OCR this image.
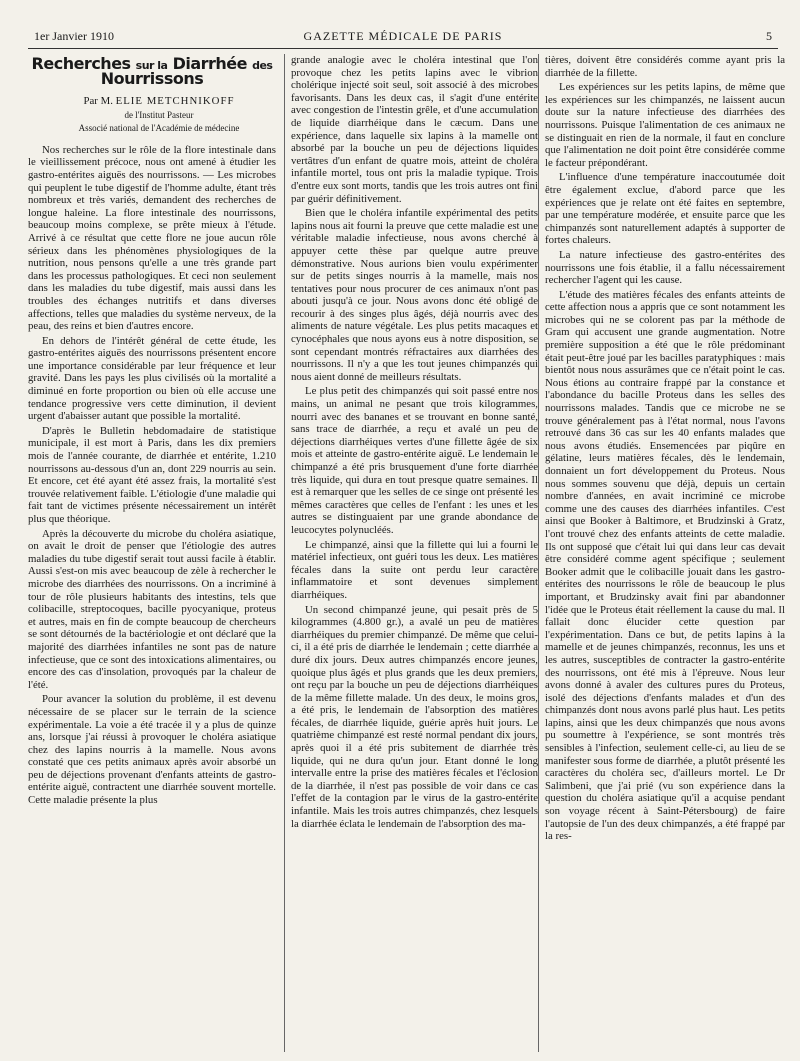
1er Janvier 1910	GAZETTE MÉDICALE DE PARIS	5
Recherches sur la Diarrhée des Nourrissons

Par M. ELIE METCHNIKOFF

de l'Institut Pasteur

Associé national de l'Académie de médecine

Nos recherches sur le rôle de la flore intestinale dans le vieillissement précoce, nous ont amené à étudier les gastro-entérites aiguës des nourrissons. — Les microbes qui peuplent le tube digestif de l'homme adulte, étant très nombreux et très variés, demandent des recherches de longue haleine. La flore intestinale des nourrissons, beaucoup moins complexe, se prête mieux à l'étude. Arrivé à ce résultat que cette flore ne joue aucun rôle sérieux dans les phénomènes physiologiques de la nutrition, nous pensons qu'elle a une très grande part dans les processus pathologiques. Et ceci non seulement dans les maladies du tube digestif, mais aussi dans les troubles des échanges nutritifs et dans diverses affections, telles que maladies du système nerveux, de la peau, des reins et bien d'autres encore.

En dehors de l'intérêt général de cette étude, les gastro-entérites aiguës des nourrissons présentent encore une importance considérable par leur fréquence et leur gravité. Dans les pays les plus civilisés où la mortalité a diminué en forte proportion ou bien où elle accuse une tendance progressive vers cette diminution, il devient urgent d'abaisser autant que possible la mortalité.

D'après le Bulletin hebdomadaire de statistique municipale, il est mort à Paris, dans les dix premiers mois de l'année courante, de diarrhée et entérite, 1.210 nourrissons au-dessous d'un an, dont 229 nourris au sein. Et encore, cet été ayant été assez frais, la mortalité s'est trouvée relativement faible. L'étiologie d'une maladie qui fait tant de victimes présente nécessairement un intérêt plus que théorique.

Après la découverte du microbe du choléra asiatique, on avait le droit de penser que l'étiologie des autres maladies du tube digestif serait tout aussi facile à établir. Aussi s'est-on mis avec beaucoup de zèle à rechercher le microbe des diarrhées des nourrissons. On a incriminé à tour de rôle plusieurs habitants des intestins, tels que colibacille, streptocoques, bacille pyocyanique, proteus et autres, mais en fin de compte beaucoup de chercheurs se sont détournés de la bactériologie et ont déclaré que la majorité des diarrhées infantiles ne sont pas de nature infectieuse, que ce sont des intoxications alimentaires, ou encore des cas d'insolation, provoqués par la chaleur de l'été.

Pour avancer la solution du problème, il est devenu nécessaire de se placer sur le terrain de la science expérimentale. La voie a été tracée il y a plus de quinze ans, lorsque j'ai réussi à provoquer le choléra asiatique chez des lapins nourris à la mamelle. Nous avons constaté que ces petits animaux après avoir absorbé un peu de déjections provenant d'enfants atteints de gastro-entérite aiguë, contractent une diarrhée souvent mortelle. Cette maladie présente la plus

grande analogie avec le choléra intestinal que l'on provoque chez les petits lapins avec le vibrion cholérique injecté soit seul, soit associé à des microbes favorisants. Dans les deux cas, il s'agit d'une entérite avec congestion de l'intestin grêle, et d'une accumulation de liquide diarrhéique dans le cæcum. Dans une expérience, dans laquelle six lapins à la mamelle ont absorbé par la bouche un peu de déjections liquides vertâtres d'un enfant de quatre mois, atteint de choléra infantile mortel, tous ont pris la maladie typique. Trois d'entre eux sont morts, tandis que les trois autres ont fini par guérir définitivement.

Bien que le choléra infantile expérimental des petits lapins nous ait fourni la preuve que cette maladie est une véritable maladie infectieuse, nous avons cherché à appuyer cette thèse par quelque autre preuve démonstrative. Nous aurions bien voulu expérimenter sur de petits singes nourris à la mamelle, mais nos tentatives pour nous procurer de ces animaux n'ont pas abouti jusqu'à ce jour. Nous avons donc été obligé de recourir à des singes plus âgés, déjà nourris avec des aliments de nature végétale. Les plus petits macaques et cynocéphales que nous ayons eus à notre disposition, se sont cependant montrés réfractaires aux diarrhées des nourrissons. Il n'y a que les tout jeunes chimpanzés qui nous aient donné de meilleurs résultats.

Le plus petit des chimpanzés qui soit passé entre nos mains, un animal ne pesant que trois kilogrammes, nourri avec des bananes et se trouvant en bonne santé, sans trace de diarrhée, a reçu et avalé un peu de déjections diarrhéiques vertes d'une fillette âgée de six mois et atteinte de gastro-entérite aiguë. Le lendemain le chimpanzé a été pris brusquement d'une forte diarrhée très liquide, qui dura en tout presque quatre semaines. Il est à remarquer que les selles de ce singe ont présenté les mêmes caractères que celles de l'enfant : les unes et les autres se distinguaient par une grande abondance de leucocytes polynucléés.

Le chimpanzé, ainsi que la fillette qui lui a fourni le matériel infectieux, ont guéri tous les deux. Les matières fécales dans la suite ont perdu leur caractère inflammatoire et sont devenues simplement diarrhéiques.

Un second chimpanzé jeune, qui pesait près de 5 kilogrammes (4.800 gr.), a avalé un peu de matières diarrhéiques du premier chimpanzé. De même que celui-ci, il a été pris de diarrhée le lendemain ; cette diarrhée a duré dix jours. Deux autres chimpanzés encore jeunes, quoique plus âgés et plus grands que les deux premiers, ont reçu par la bouche un peu de déjections diarrhéiques de la même fillette malade. Un des deux, le moins gros, a été pris, le lendemain de l'absorption des matières fécales, de diarrhée liquide, guérie après huit jours. Le quatrième chimpanzé est resté normal pendant dix jours, après quoi il a été pris subitement de diarrhée très liquide, qui ne dura qu'un jour. Etant donné le long intervalle entre la prise des matières fécales et l'éclosion de la diarrhée, il n'est pas possible de voir dans ce cas l'effet de la contagion par le virus de la gastro-entérite infantile. Mais les trois autres chimpanzés, chez lesquels la diarrhée éclata le lendemain de l'absorption des ma-

tières, doivent être considérés comme ayant pris la diarrhée de la fillette.

Les expériences sur les petits lapins, de même que les expériences sur les chimpanzés, ne laissent aucun doute sur la nature infectieuse des diarrhées des nourrissons. Puisque l'alimentation de ces animaux ne se distinguait en rien de la normale, il faut en conclure que l'alimentation ne doit point être considérée comme le facteur prépondérant.

L'influence d'une température inaccoutumée doit être également exclue, d'abord parce que les expériences que je relate ont été faites en septembre, par une température modérée, et ensuite parce que les chimpanzés sont naturellement adaptés à supporter de fortes chaleurs.

La nature infectieuse des gastro-entérites des nourrissons une fois établie, il a fallu nécessairement rechercher l'agent qui les cause.

L'étude des matières fécales des enfants atteints de cette affection nous a appris que ce sont notamment les microbes qui ne se colorent pas par la méthode de Gram qui accusent une grande augmentation. Notre première supposition a été que le rôle prédominant était peut-être joué par les bacilles paratyphiques : mais bientôt nous nous assurâmes que ce n'était point le cas. Nous étions au contraire frappé par la constance et l'abondance du bacille Proteus dans les selles des nourrissons malades. Tandis que ce microbe ne se trouve généralement pas à l'état normal, nous l'avons retrouvé dans 36 cas sur les 40 enfants malades que nous avons étudiés. Ensemencées par piqûre en gélatine, leurs matières fécales, dès le lendemain, donnaient un fort développement du Proteus. Nous nous sommes souvenu que déjà, depuis un certain nombre d'années, en avait incriminé ce microbe comme une des causes des diarrhées infantiles. C'est ainsi que Booker à Baltimore, et Brudzinski à Gratz, l'ont trouvé chez des enfants atteints de cette maladie. Ils ont supposé que c'était lui qui dans leur cas devait être considéré comme agent spécifique ; seulement Booker admit que le colibacille jouait dans les gastro-entérites des nourrissons le rôle de beaucoup le plus important, et Brudzinsky avait fini par abandonner l'idée que le Proteus était réellement la cause du mal. Il fallait donc élucider cette question par l'expérimentation. Dans ce but, de petits lapins à la mamelle et de jeunes chimpanzés, reconnus, les uns et les autres, susceptibles de contracter la gastro-entérite des nourrissons, ont été mis à l'épreuve. Nous leur avons donné à avaler des cultures pures du Proteus, isolé des déjections d'enfants malades et d'un des chimpanzés dont nous avons parlé plus haut. Les petits lapins, ainsi que les deux chimpanzés que nous avons pu soumettre à l'expérience, se sont montrés très sensibles à l'infection, seulement celle-ci, au lieu de se manifester sous forme de diarrhée, a plutôt présenté les caractères du choléra sec, d'ailleurs mortel. Le Dr Salimbeni, que j'ai prié (vu son expérience dans la question du choléra asiatique qu'il a acquise pendant son voyage récent à Saint-Pétersbourg) de faire l'autopsie de l'un des deux chimpanzés, a été frappé par la res-
